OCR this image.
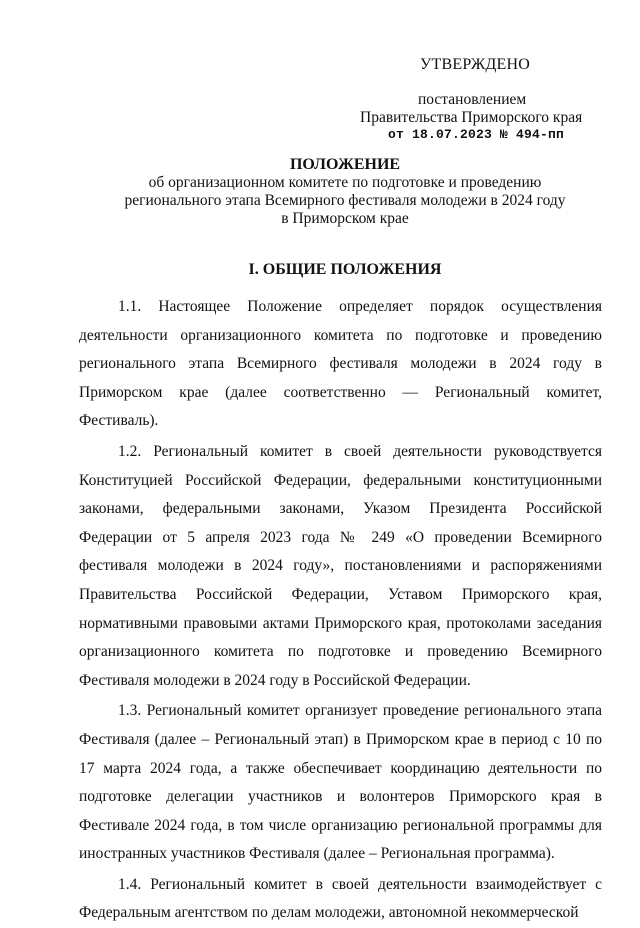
УТВЕРЖДЕНО
постановлением
Правительства Приморского края
от 18.07.2023 № 494-пп
ПОЛОЖЕНИЕ
об организационном комитете по подготовке и проведению
регионального этапа Всемирного фестиваля молодежи в 2024 году
в Приморском крае
I. ОБЩИЕ ПОЛОЖЕНИЯ

1.1. Настоящее Положение определяет порядок осуществления деятельности организационного комитета по подготовке и проведению регионального этапа Всемирного фестиваля молодежи в 2024 году в Приморском крае (далее соответственно — Региональный комитет, Фестиваль).

1.2. Региональный комитет в своей деятельности руководствуется Конституцией Российской Федерации, федеральными конституционными законами, федеральными законами, Указом Президента Российской Федерации от 5 апреля 2023 года № 249 «О проведении Всемирного фестиваля молодежи в 2024 году», постановлениями и распоряжениями Правительства Российской Федерации, Уставом Приморского края, нормативными правовыми актами Приморского края, протоколами заседания организационного комитета по подготовке и проведению Всемирного Фестиваля молодежи в 2024 году в Российской Федерации.

1.3. Региональный комитет организует проведение регионального этапа Фестиваля (далее – Региональный этап) в Приморском крае в период с 10 по 17 марта 2024 года, а также обеспечивает координацию деятельности по подготовке делегации участников и волонтеров Приморского края в Фестивале 2024 года, в том числе организацию региональной программы для иностранных участников Фестиваля (далее – Региональная программа).

1.4. Региональный комитет в своей деятельности взаимодействует с Федеральным агентством по делам молодежи, автономной некоммерческой
